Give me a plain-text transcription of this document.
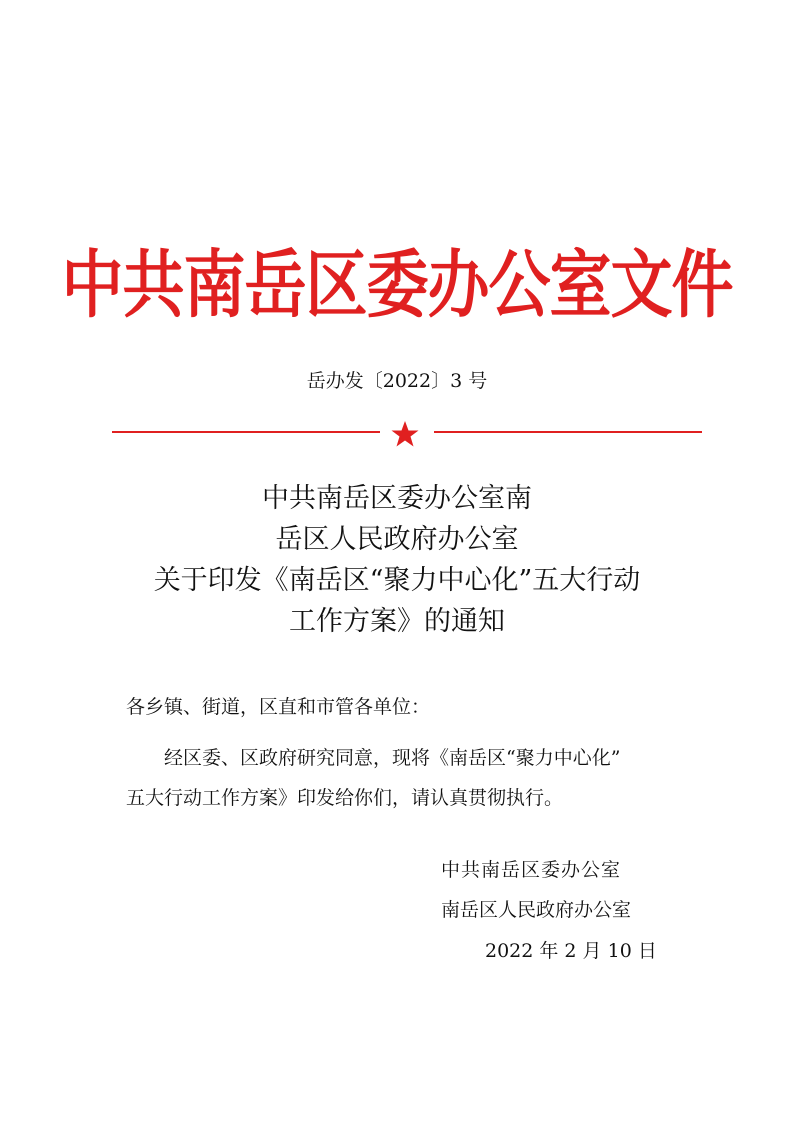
中共南岳区委办公室文件
岳办发〔2022〕3 号
中共南岳区委办公室南
岳区人民政府办公室
关于印发《南岳区“聚力中心化”五大行动
工作方案》的通知
各乡镇、街道，区直和市管各单位：
经区委、区政府研究同意，现将《南岳区“聚力中心化”
五大行动工作方案》印发给你们，请认真贯彻执行。
中共南岳区委办公室
南岳区人民政府办公室
2022 年 2 月 10 日
